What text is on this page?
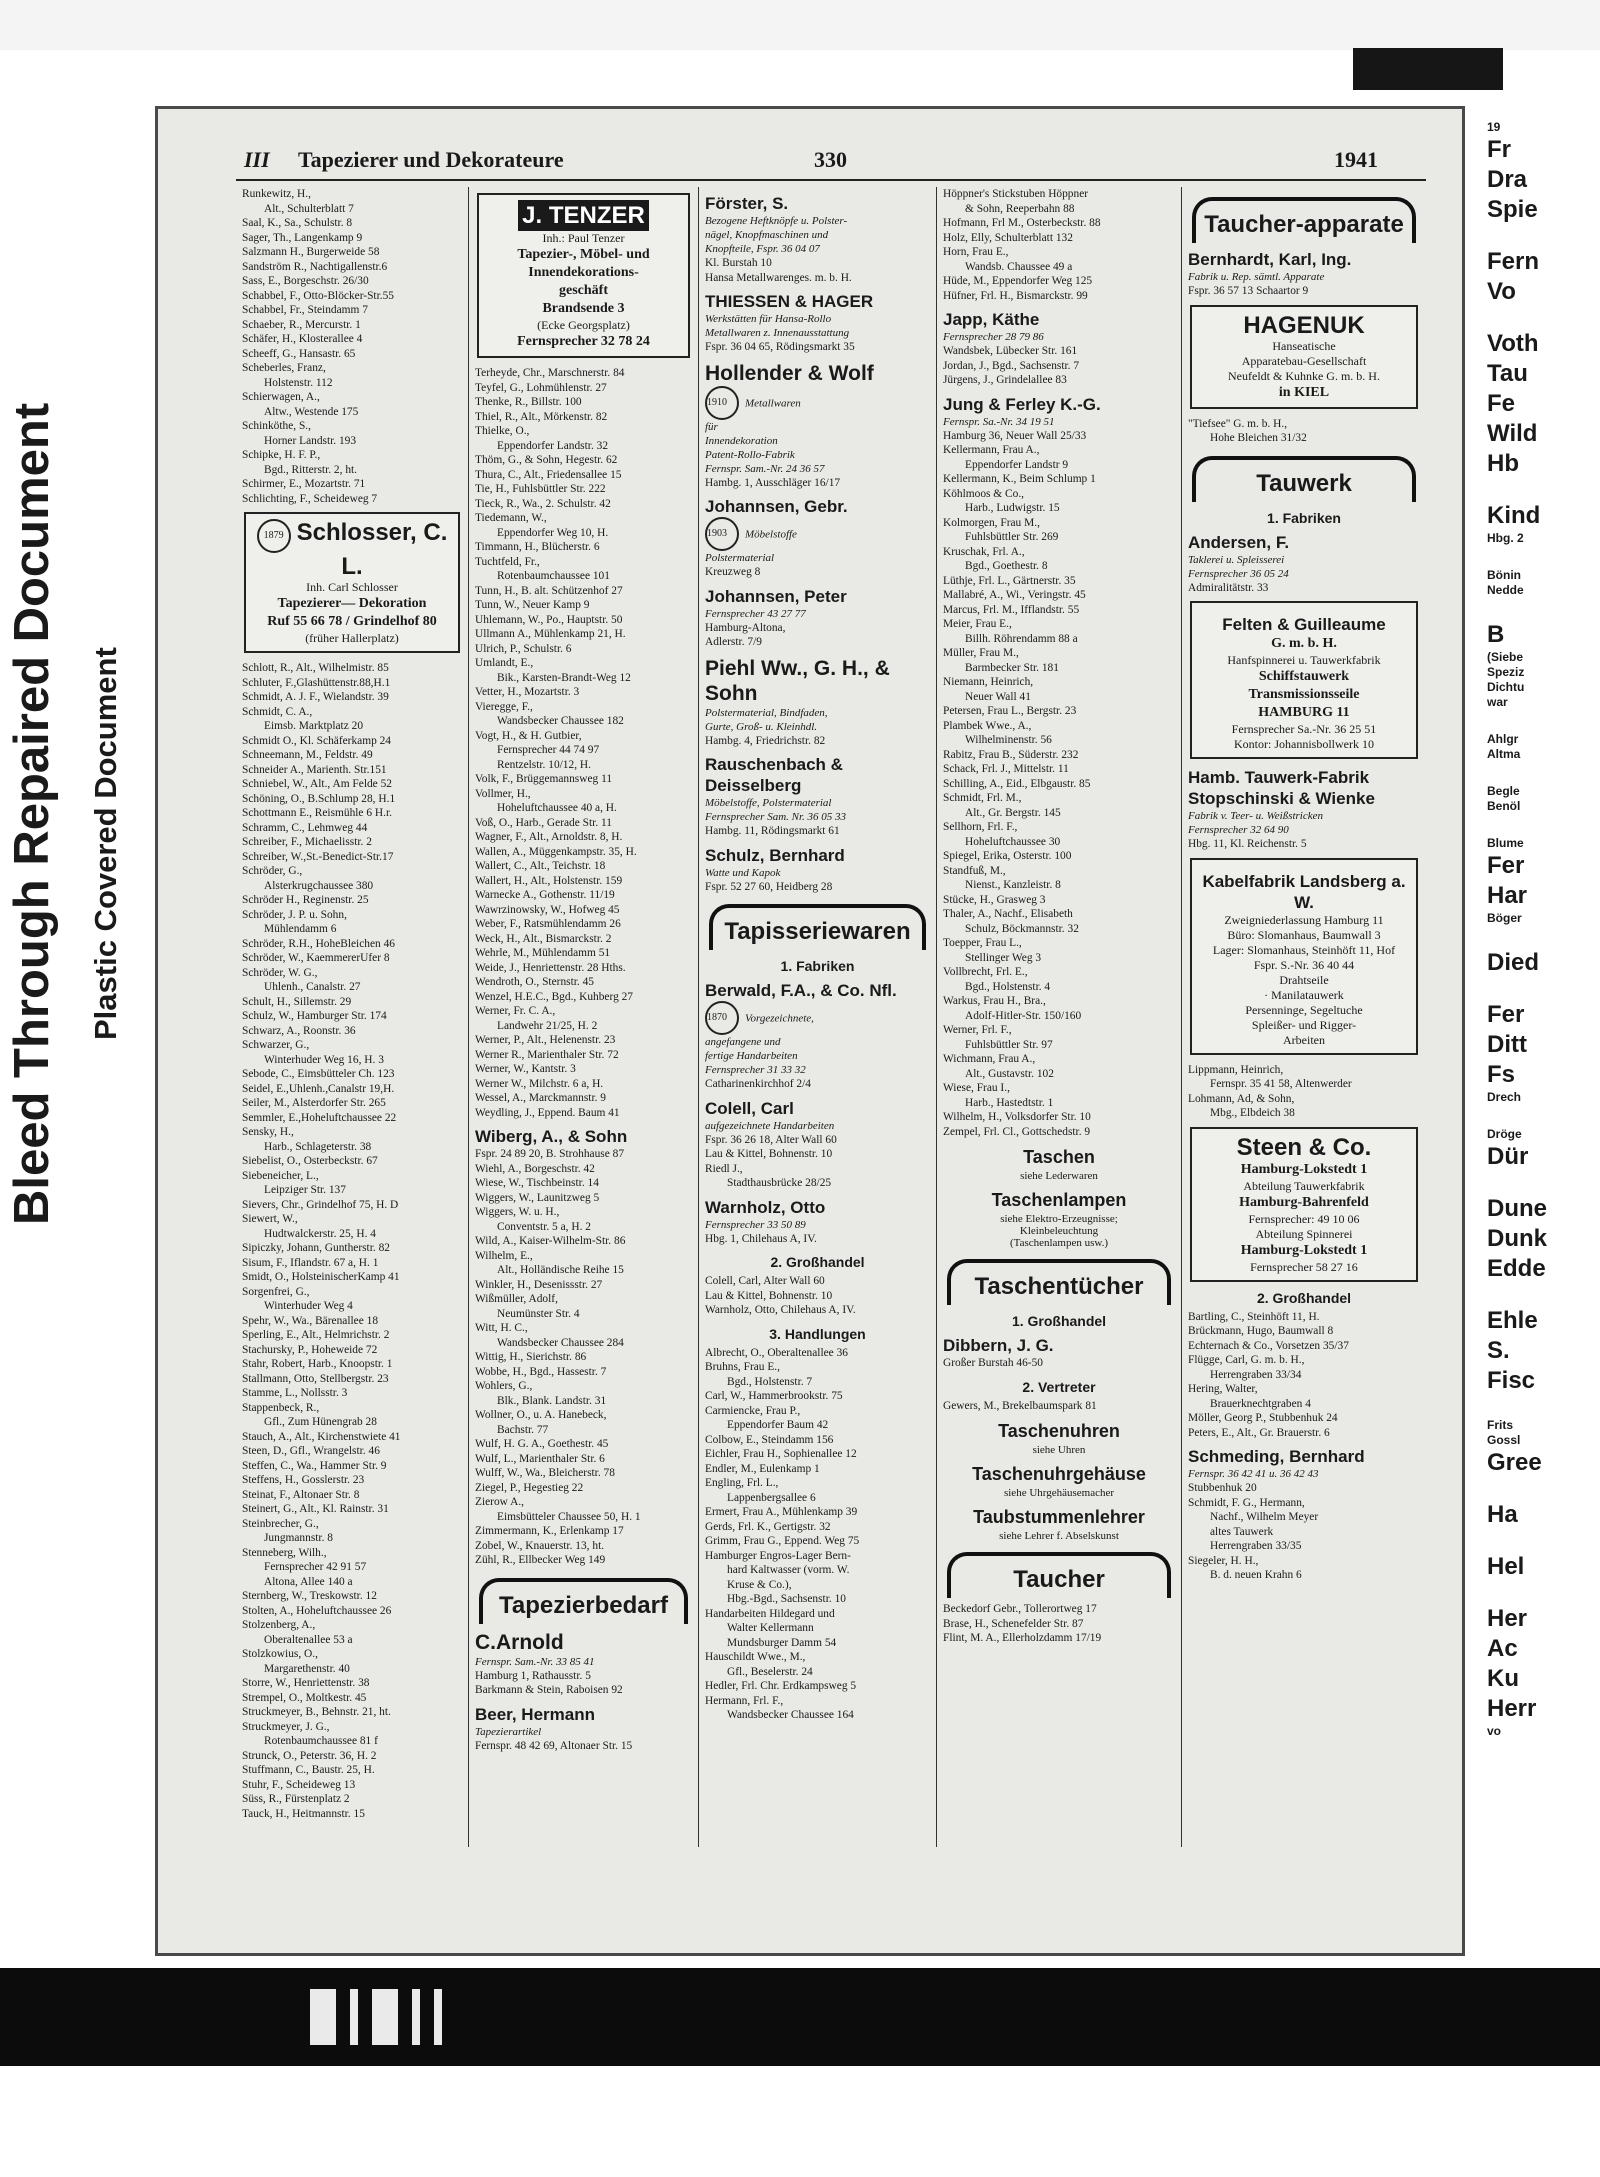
Bleed Through Repaired Document Plastic Covered Document
III Tapezierer und Dekorateure	330	1941
Runkewitz, H.,
Alt., Schulterblatt 7
Saal, K., Sa., Schulstr. 8
Sager, Th., Langenkamp 9
Salzmann H., Burgerweide 58
Sandström R., Nachtigallenstr.6
Sass, E., Borgeschstr. 26/30
Schabbel, F., Otto-Blöcker-Str.55
Schabbel, Fr., Steindamm 7
Schaeber, R., Mercurstr. 1
Schäfer, H., Klosterallee 4
Scheeff, G., Hansastr. 65
Scheberles, Franz,
Holstenstr. 112
Schierwagen, A.,
Altw., Westende 175
Schinköthe, S.,
Horner Landstr. 193
Schipke, H. F. P.,
Bgd., Ritterstr. 2, ht.
Schirmer, E., Mozartstr. 71
Schlichting, F., Scheideweg 7
1879 Schlosser, C. L.
Inh. Carl Schlosser
Tapezierer— Dekoration
Ruf 55 66 78 / Grindelhof 80
(früher Hallerplatz)
Schlott, R., Alt., Wilhelmistr. 85
Schluter, F.,Glashüttenstr.88,H.1
Schmidt, A. J. F., Wielandstr. 39
Schmidt, C. A.,
Eimsb. Marktplatz 20
Schmidt O., Kl. Schäferkamp 24
Schneemann, M., Feldstr. 49
Schneider A., Marienth. Str.151
Schniebel, W., Alt., Am Felde 52
Schöning, O., B.Schlump 28, H.1
Schottmann E., Reismühle 6 H.r.
Schramm, C., Lehmweg 44
Schreiber, F., Michaelisstr. 2
Schreiber, W.,St.-Benedict-Str.17
Schröder, G.,
Alsterkrugchaussee 380
Schröder H., Reginenstr. 25
Schröder, J. P. u. Sohn,
Mühlendamm 6
Schröder, R.H., HoheBleichen 46
Schröder, W., KaemmererUfer 8
Schröder, W. G.,
Uhlenh., Canalstr. 27
Schult, H., Sillemstr. 29
Schulz, W., Hamburger Str. 174
Schwarz, A., Roonstr. 36
Schwarzer, G.,
Winterhuder Weg 16, H. 3
Sebode, C., Eimsbütteler Ch. 123
Seidel, E.,Uhlenh.,Canalstr 19,H.
Seiler, M., Alsterdorfer Str. 265
Semmler, E.,Hoheluftchaussee 22
Sensky, H.,
Harb., Schlageterstr. 38
Siebelist, O., Osterbeckstr. 67
Siebeneicher, L.,
Leipziger Str. 137
Sievers, Chr., Grindelhof 75, H. D
Siewert, W.,
Hudtwalckerstr. 25, H. 4
Sipiczky, Johann, Guntherstr. 82
Sisum, F., Iflandstr. 67 a, H. 1
Smidt, O., HolsteinischerKamp 41
Sorgenfrei, G.,
Winterhuder Weg 4
Spehr, W., Wa., Bärenallee 18
Sperling, E., Alt., Helmrichstr. 2
Stachursky, P., Hoheweide 72
Stahr, Robert, Harb., Knoopstr. 1
Stallmann, Otto, Stellbergstr. 23
Stamme, L., Nollsstr. 3
Stappenbeck, R.,
Gfl., Zum Hünengrab 28
Stauch, A., Alt., Kirchenstwiete 41
Steen, D., Gfl., Wrangelstr. 46
Steffen, C., Wa., Hammer Str. 9
Steffens, H., Gosslerstr. 23
Steinat, F., Altonaer Str. 8
Steinert, G., Alt., Kl. Rainstr. 31
Steinbrecher, G.,
Jungmannstr. 8
Stenneberg, Wilh.,
Fernsprecher 42 91 57
Altona, Allee 140 a
Sternberg, W., Treskowstr. 12
Stolten, A., Hoheluftchaussee 26
Stolzenberg, A.,
Oberaltenallee 53 a
Stolzkowius, O.,
Margarethenstr. 40
Storre, W., Henriettenstr. 38
Strempel, O., Moltkestr. 45
Struckmeyer, B., Behnstr. 21, ht.
Struckmeyer, J. G.,
Rotenbaumchaussee 81 f
Strunck, O., Peterstr. 36, H. 2
Stuffmann, C., Baustr. 25, H.
Stuhr, F., Scheideweg 13
Süss, R., Fürstenplatz 2
Tauck, H., Heitmannstr. 15
J. TENZER
Inh.: Paul Tenzer
Tapezier-, Möbel- und
Innendekorations-
geschäft
Brandsende 3
(Ecke Georgsplatz)
Fernsprecher 32 78 24
Terheyde, Chr., Marschnerstr. 84
Teyfel, G., Lohmühlenstr. 27
Thenke, R., Billstr. 100
Thiel, R., Alt., Mörkenstr. 82
Thielke, O.,
Eppendorfer Landstr. 32
Thöm, G., & Sohn, Hegestr. 62
Thura, C., Alt., Friedensallee 15
Tie, H., Fuhlsbüttler Str. 222
Tieck, R., Wa., 2. Schulstr. 42
Tiedemann, W.,
Eppendorfer Weg 10, H.
Timmann, H., Blücherstr. 6
Tuchtfeld, Fr.,
Rotenbaumchaussee 101
Tunn, H., B. alt. Schützenhof 27
Tunn, W., Neuer Kamp 9
Uhlemann, W., Po., Hauptstr. 50
Ullmann A., Mühlenkamp 21, H.
Ulrich, P., Schulstr. 6
Umlandt, E.,
Bik., Karsten-Brandt-Weg 12
Vetter, H., Mozartstr. 3
Vieregge, F.,
Wandsbecker Chaussee 182
Vogt, H., & H. Gutbier,
Fernsprecher 44 74 97
Rentzelstr. 10/12, H.
Volk, F., Brüggemannsweg 11
Vollmer, H.,
Hoheluftchaussee 40 a, H.
Voß, O., Harb., Gerade Str. 11
Wagner, F., Alt., Arnoldstr. 8, H.
Wallen, A., Müggenkampstr. 35, H.
Wallert, C., Alt., Teichstr. 18
Wallert, H., Alt., Holstenstr. 159
Warnecke A., Gothenstr. 11/19
Wawrzinowsky, W., Hofweg 45
Weber, F., Ratsmühlendamm 26
Weck, H., Alt., Bismarckstr. 2
Wehrle, M., Mühlendamm 51
Weide, J., Henriettenstr. 28 Hths.
Wendroth, O., Sternstr. 45
Wenzel, H.E.C., Bgd., Kuhberg 27
Werner, Fr. C. A.,
Landwehr 21/25, H. 2
Werner, P., Alt., Helenenstr. 23
Werner R., Marienthaler Str. 72
Werner, W., Kantstr. 3
Werner W., Milchstr. 6 a, H.
Wessel, A., Marckmannstr. 9
Weydling, J., Eppend. Baum 41
Wiberg, A., & Sohn
Fspr. 24 89 20, B. Strohhause 87
Wiehl, A., Borgeschstr. 42
Wiese, W., Tischbeinstr. 14
Wiggers, W., Launitzweg 5
Wiggers, W. u. H.,
Conventstr. 5 a, H. 2
Wild, A., Kaiser-Wilhelm-Str. 86
Wilhelm, E.,
Alt., Holländische Reihe 15
Winkler, H., Desenissstr. 27
Wißmüller, Adolf,
Neumünster Str. 4
Witt, H. C.,
Wandsbecker Chaussee 284
Wittig, H., Sierichstr. 86
Wobbe, H., Bgd., Hassestr. 7
Wohlers, G.,
Blk., Blank. Landstr. 31
Wollner, O., u. A. Hanebeck,
Bachstr. 77
Wulf, H. G. A., Goethestr. 45
Wulf, L., Marienthaler Str. 6
Wulff, W., Wa., Bleicherstr. 78
Ziegel, P., Hegestieg 22
Zierow A.,
Eimsbütteler Chaussee 50, H. 1
Zimmermann, K., Erlenkamp 17
Zobel, W., Knauerstr. 13, ht.
Zühl, R., Ellbecker Weg 149
Tapezierbedarf
C.Arnold
Fernspr. Sam.-Nr. 33 85 41
Hamburg 1, Rathausstr. 5
Barkmann & Stein, Raboisen 92
Beer, Hermann
Tapezierartikel
Fernspr. 48 42 69, Altonaer Str. 15
Förster, S.
Bezogene Heftknöpfe u. Polster-
nägel, Knopfmaschinen und
Knopfteile, Fspr. 36 04 07
Kl. Burstah 10
Hansa Metallwarenges. m. b. H.
THIESSEN & HAGER
Werkstätten für Hansa-Rollo
Metallwaren z. Innenausstattung
Fspr. 36 04 65, Rödingsmarkt 35
Hollender & Wolf
1910 Metallwaren
für
Innendekoration
Patent-Rollo-Fabrik
Fernspr. Sam.-Nr. 24 36 57
Hambg. 1, Ausschläger 16/17
Johannsen, Gebr.
1903 Möbelstoffe
Polstermaterial
Kreuzweg 8
Johannsen, Peter
Fernsprecher 43 27 77
Hamburg-Altona,
Adlerstr. 7/9
Piehl Ww., G. H., & Sohn
Polstermaterial, Bindfaden,
Gurte, Groß- u. Kleinhdl.
Hambg. 4, Friedrichstr. 82
Rauschenbach & Deisselberg
Möbelstoffe, Polstermaterial
Fernsprecher Sam. Nr. 36 05 33
Hambg. 11, Rödingsmarkt 61
Schulz, Bernhard
Watte und Kapok
Fspr. 52 27 60, Heidberg 28
Tapisseriewaren
1. Fabriken
Berwald, F.A., & Co. Nfl.
1870 Vorgezeichnete,
angefangene und
fertige Handarbeiten
Fernsprecher 31 33 32
Catharinenkirchhof 2/4
Colell, Carl
aufgezeichnete Handarbeiten
Fspr. 36 26 18, Alter Wall 60
Lau & Kittel, Bohnenstr. 10
Riedl J.,
Stadthausbrücke 28/25
Warnholz, Otto
Fernsprecher 33 50 89
Hbg. 1, Chilehaus A, IV.
2. Großhandel
Colell, Carl, Alter Wall 60
Lau & Kittel, Bohnenstr. 10
Warnholz, Otto, Chilehaus A, IV.
3. Handlungen
Albrecht, O., Oberaltenallee 36
Bruhns, Frau E.,
Bgd., Holstenstr. 7
Carl, W., Hammerbrookstr. 75
Carmiencke, Frau P.,
Eppendorfer Baum 42
Colbow, E., Steindamm 156
Eichler, Frau H., Sophienallee 12
Endler, M., Eulenkamp 1
Engling, Frl. L.,
Lappenbergsallee 6
Ermert, Frau A., Mühlenkamp 39
Gerds, Frl. K., Gertigstr. 32
Grimm, Frau G., Eppend. Weg 75
Hamburger Engros-Lager Bern-
hard Kaltwasser (vorm. W.
Kruse & Co.),
Hbg.-Bgd., Sachsenstr. 10
Handarbeiten Hildegard und
Walter Kellermann
Mundsburger Damm 54
Hauschildt Wwe., M.,
Gfl., Beselerstr. 24
Hedler, Frl. Chr. Erdkampsweg 5
Hermann, Frl. F.,
Wandsbecker Chaussee 164
Höppner's Stickstuben Höppner
& Sohn, Reeperbahn 88
Hofmann, Frl M., Osterbeckstr. 88
Holz, Elly, Schulterblatt 132
Horn, Frau E.,
Wandsb. Chaussee 49 a
Hüde, M., Eppendorfer Weg 125
Hüfner, Frl. H., Bismarckstr. 99
Japp, Käthe
Fernsprecher 28 79 86
Wandsbek, Lübecker Str. 161
Jordan, J., Bgd., Sachsenstr. 7
Jürgens, J., Grindelallee 83
Jung & Ferley K.-G.
Fernspr. Sa.-Nr. 34 19 51
Hamburg 36, Neuer Wall 25/33
Kellermann, Frau A.,
Eppendorfer Landstr 9
Kellermann, K., Beim Schlump 1
Köhlmoos & Co.,
Harb., Ludwigstr. 15
Kolmorgen, Frau M.,
Fuhlsbüttler Str. 269
Kruschak, Frl. A.,
Bgd., Goethestr. 8
Lüthje, Frl. L., Gärtnerstr. 35
Mallabré, A., Wi., Veringstr. 45
Marcus, Frl. M., Ifflandstr. 55
Meier, Frau E.,
Billh. Röhrendamm 88 a
Müller, Frau M.,
Barmbecker Str. 181
Niemann, Heinrich,
Neuer Wall 41
Petersen, Frau L., Bergstr. 23
Plambek Wwe., A.,
Wilhelminenstr. 56
Rabitz, Frau B., Süderstr. 232
Schack, Frl. J., Mittelstr. 11
Schilling, A., Eid., Elbgaustr. 85
Schmidt, Frl. M.,
Alt., Gr. Bergstr. 145
Sellhorn, Frl. F.,
Hoheluftchaussee 30
Spiegel, Erika, Osterstr. 100
Standfuß, M.,
Nienst., Kanzleistr. 8
Stücke, H., Grasweg 3
Thaler, A., Nachf., Elisabeth
Schulz, Böckmannstr. 32
Toepper, Frau L.,
Stellinger Weg 3
Vollbrecht, Frl. E.,
Bgd., Holstenstr. 4
Warkus, Frau H., Bra.,
Adolf-Hitler-Str. 150/160
Werner, Frl. F.,
Fuhlsbüttler Str. 97
Wichmann, Frau A.,
Alt., Gustavstr. 102
Wiese, Frau I.,
Harb., Hastedtstr. 1
Wilhelm, H., Volksdorfer Str. 10
Zempel, Frl. Cl., Gottschedstr. 9
Taschen
siehe Lederwaren
Taschenlampen
siehe Elektro-Erzeugnisse;
Kleinbeleuchtung
(Taschenlampen usw.)
Taschentücher
1. Großhandel
Dibbern, J. G.
Großer Burstah 46-50
2. Vertreter
Gewers, M., Brekelbaumspark 81
Taschenuhren
siehe Uhren
Taschenuhrgehäuse
siehe Uhrgehäusemacher
Taubstummenlehrer
siehe Lehrer f. Abselskunst
Taucher
Beckedorf Gebr., Tollerortweg 17
Brase, H., Schenefelder Str. 87
Flint, M. A., Ellerholzdamm 17/19
Taucher-apparate
Bernhardt, Karl, Ing.
Fabrik u. Rep. sämtl. Apparate
Fspr. 36 57 13 Schaartor 9
HAGENUK
Hanseatische
Apparatebau-Gesellschaft
Neufeldt & Kuhnke G. m. b. H.
in KIEL
"Tiefsee" G. m. b. H.,
Hohe Bleichen 31/32
Tauwerk
1. Fabriken
Andersen, F.
Taklerei u. Spleisserei
Fernsprecher 36 05 24
Admiralitätstr. 33
Felten & Guilleaume
G. m. b. H.
Hanfspinnerei u. Tauwerkfabrik
Schiffstauwerk
Transmissionsseile
HAMBURG 11
Fernsprecher Sa.-Nr. 36 25 51
Kontor: Johannisbollwerk 10
Hamb. Tauwerk-Fabrik Stopschinski & Wienke
Fabrik v. Teer- u. Weißstricken
Fernsprecher 32 64 90
Hbg. 11, Kl. Reichenstr. 5
Kabelfabrik Landsberg a. W.
Zweigniederlassung Hamburg 11
Büro: Slomanhaus, Baumwall 3
Lager: Slomanhaus, Steinhöft 11, Hof
Fspr. S.-Nr. 36 40 44
Drahtseile
· Manilatauwerk
Persenninge, Segeltuche
Spleißer- und Rigger-
Arbeiten
Lippmann, Heinrich,
Fernspr. 35 41 58, Altenwerder
Lohmann, Ad, & Sohn,
Mbg., Elbdeich 38
Steen & Co.
Hamburg-Lokstedt 1
Abteilung Tauwerkfabrik
Hamburg-Bahrenfeld
Fernsprecher: 49 10 06
Abteilung Spinnerei
Hamburg-Lokstedt 1
Fernsprecher 58 27 16
2. Großhandel
Bartling, C., Steinhöft 11, H.
Brückmann, Hugo, Baumwall 8
Echternach & Co., Vorsetzen 35/37
Flügge, Carl, G. m. b. H.,
Herrengraben 33/34
Hering, Walter,
Brauerknechtgraben 4
Möller, Georg P., Stubbenhuk 24
Peters, E., Alt., Gr. Brauerstr. 6
Schmeding, Bernhard
Fernspr. 36 42 41 u. 36 42 43
Stubbenhuk 20
Schmidt, F. G., Hermann,
Nachf., Wilhelm Meyer
altes Tauwerk
Herrengraben 33/35
Siegeler, H. H.,
B. d. neuen Krahn 6
19
Fr
Dra
Spie
Fern
Vo
Voth
Tau
Fe
Wild
Hb
Kind
Hbg. 2
Bönin
Nedde
B
(Siebe
Speziz
Dichtu
war
Ahlgr
Altma
Begle
Benöl
Blume
Fer
Har
Böger
Died
Fer
Ditt
Fs
Drech
Dröge
Dür
Dune
Dunk
Edde
Ehle
S.
Fisc
Frits
Gossl
Gree
Ha
Hel
Her
Ac
Ku
Herr
vo
